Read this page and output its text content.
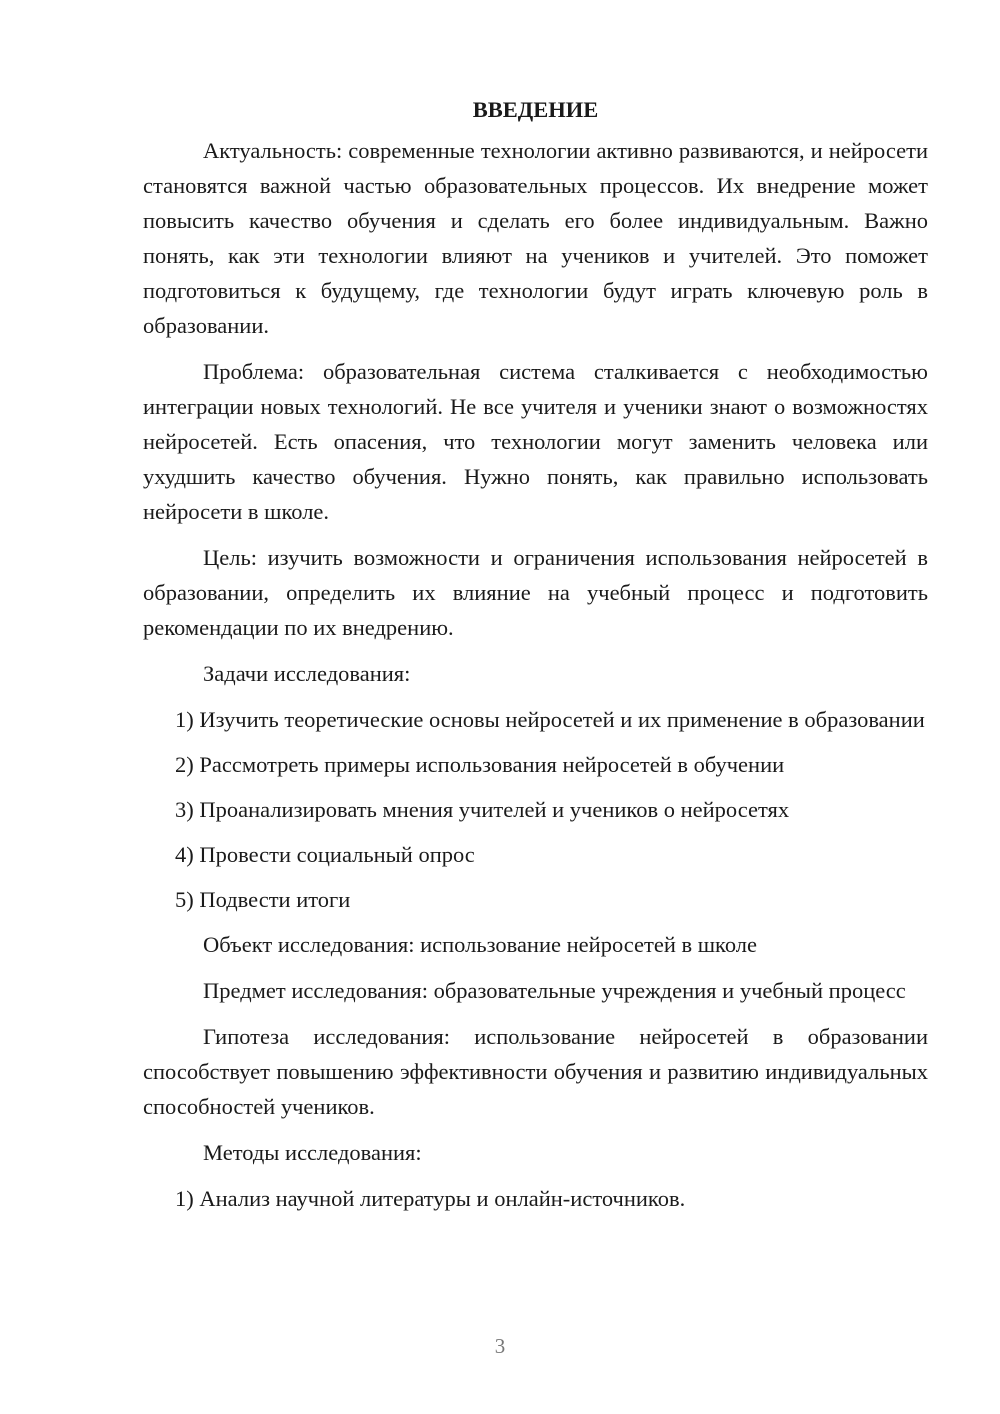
ВВЕДЕНИЕ

Актуальность: современные технологии активно развиваются, и нейросети становятся важной частью образовательных процессов. Их внедрение может повысить качество обучения и сделать его более индивидуальным. Важно понять, как эти технологии влияют на учеников и учителей. Это поможет подготовиться к будущему, где технологии будут играть ключевую роль в образовании.

Проблема: образовательная система сталкивается с необходимостью интеграции новых технологий. Не все учителя и ученики знают о возможностях нейросетей. Есть опасения, что технологии могут заменить человека или ухудшить качество обучения. Нужно понять, как правильно использовать нейросети в школе.

Цель: изучить возможности и ограничения использования нейросетей в образовании, определить их влияние на учебный процесс и подготовить рекомендации по их внедрению.

Задачи исследования:

1) Изучить теоретические основы нейросетей и их применение в образовании

2) Рассмотреть примеры использования нейросетей в обучении

3) Проанализировать мнения учителей и учеников о нейросетях

4) Провести социальный опрос

5) Подвести итоги

Объект исследования: использование нейросетей в школе

Предмет исследования: образовательные учреждения и учебный процесс

Гипотеза исследования: использование нейросетей в образовании способствует повышению эффективности обучения и развитию индивидуальных способностей учеников.

Методы исследования:

1) Анализ научной литературы и онлайн-источников.

3
